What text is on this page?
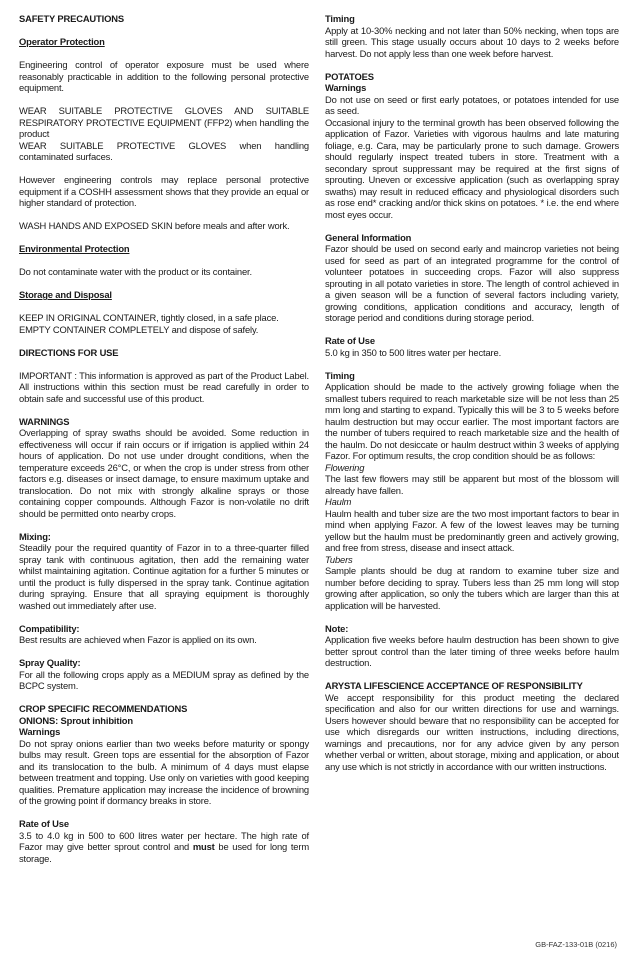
SAFETY PRECAUTIONS

Operator Protection

Engineering control of operator exposure must be used where reasonably practicable in addition to the following personal protective equipment.

WEAR SUITABLE PROTECTIVE GLOVES AND SUITABLE RESPIRATORY PROTECTIVE EQUIPMENT (FFP2) when handling the product

WEAR SUITABLE PROTECTIVE GLOVES when handling contaminated surfaces.

However engineering controls may replace personal protective equipment if a COSHH assessment shows that they provide an equal or higher standard of protection.

WASH HANDS AND EXPOSED SKIN before meals and after work.

Environmental Protection

Do not contaminate water with the product or its container.

Storage and Disposal

KEEP IN ORIGINAL CONTAINER, tightly closed, in a safe place.

EMPTY CONTAINER COMPLETELY and dispose of safely.

DIRECTIONS FOR USE

IMPORTANT : This information is approved as part of the Product Label. All instructions within this section must be read carefully in order to obtain safe and successful use of this product.

WARNINGS

Overlapping of spray swaths should be avoided. Some reduction in effectiveness will occur if rain occurs or if irrigation is applied within 24 hours of application. Do not use under drought conditions, when the temperature exceeds 26°C, or when the crop is under stress from other factors e.g. diseases or insect damage, to ensure maximum uptake and translocation. Do not mix with strongly alkaline sprays or those containing copper compounds. Although Fazor is non-volatile no drift should be permitted onto nearby crops.

Mixing:

Steadily pour the required quantity of Fazor in to a three-quarter filled spray tank with continuous agitation, then add the remaining water whilst maintaining agitation. Continue agitation for a further 5 minutes or until the product is fully dispersed in the spray tank. Continue agitation during spraying. Ensure that all spraying equipment is thoroughly washed out immediately after use.

Compatibility:

Best results are achieved when Fazor is applied on its own.

Spray Quality:

For all the following crops apply as a MEDIUM spray as defined by the BCPC system.

CROP SPECIFIC RECOMMENDATIONS

ONIONS: Sprout inhibition

Warnings

Do not spray onions earlier than two weeks before maturity or spongy bulbs may result. Green tops are essential for the absorption of Fazor and its translocation to the bulb. A minimum of 4 days must elapse between treatment and topping. Use only on varieties with good keeping qualities. Premature application may increase the incidence of browning of the growing point if dormancy breaks in store.

Rate of Use

3.5 to 4.0 kg in 500 to 600 litres water per hectare. The high rate of Fazor may give better sprout control and must be used for long term storage.

Timing

Apply at 10-30% necking and not later than 50% necking, when tops are still green. This stage usually occurs about 10 days to 2 weeks before harvest. Do not apply less than one week before harvest.

POTATOES

Warnings

Do not use on seed or first early potatoes, or potatoes intended for use as seed.

Occasional injury to the terminal growth has been observed following the application of Fazor. Varieties with vigorous haulms and late maturing foliage, e.g. Cara, may be particularly prone to such damage. Growers should regularly inspect treated tubers in store. Treatment with a secondary sprout suppressant may be required at the first signs of sprouting. Uneven or excessive application (such as overlapping spray swaths) may result in reduced efficacy and physiological disorders such as rose end* cracking and/or thick skins on potatoes. * i.e. the end where most eyes occur.

General Information

Fazor should be used on second early and maincrop varieties not being used for seed as part of an integrated programme for the control of volunteer potatoes in succeeding crops. Fazor will also suppress sprouting in all potato varieties in store. The length of control achieved in a given season will be a function of several factors including variety, growing conditions, application conditions and accuracy, length of storage period and conditions during storage period.

Rate of Use

5.0 kg in 350 to 500 litres water per hectare.

Timing

Application should be made to the actively growing foliage when the smallest tubers required to reach marketable size will be not less than 25 mm long and starting to expand. Typically this will be 3 to 5 weeks before haulm destruction but may occur earlier. The most important factors are the number of tubers required to reach marketable size and the health of the haulm. Do not desiccate or haulm destruct within 3 weeks of applying Fazor. For optimum results, the crop condition should be as follows:

Flowering

The last few flowers may still be apparent but most of the blossom will already have fallen.

Haulm

Haulm health and tuber size are the two most important factors to bear in mind when applying Fazor. A few of the lowest leaves may be turning yellow but the haulm must be predominantly green and actively growing, and free from stress, disease and insect attack.

Tubers

Sample plants should be dug at random to examine tuber size and number before deciding to spray. Tubers less than 25 mm long will stop growing after application, so only the tubers which are larger than this at application will be harvested.

Note:

Application five weeks before haulm destruction has been shown to give better sprout control than the later timing of three weeks before haulm destruction.

ARYSTA LIFESCIENCE ACCEPTANCE OF RESPONSIBILITY

We accept responsibility for this product meeting the declared specification and also for our written directions for use and warnings. Users however should beware that no responsibility can be accepted for use which disregards our written instructions, including directions, warnings and precautions, nor for any advice given by any person whether verbal or written, about storage, mixing and application, or about any use which is not strictly in accordance with our written instructions.

GB-FAZ-133-01B (0216)
